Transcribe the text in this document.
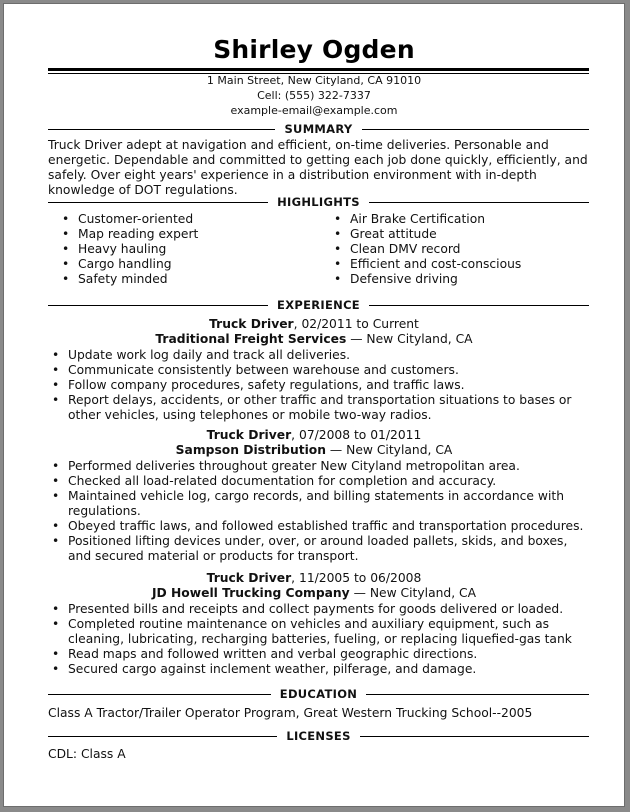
Shirley Ogden
1 Main Street, New Cityland, CA 91010
Cell: (555) 322-7337
example-email@example.com
SUMMARY
Truck Driver adept at navigation and efficient, on-time deliveries. Personable and energetic. Dependable and committed to getting each job done quickly, efficiently, and safely. Over eight years' experience in a distribution environment with in-depth knowledge of DOT regulations.
HIGHLIGHTS
• Customer-oriented
• Map reading expert
• Heavy hauling
• Cargo handling
• Safety minded
• Air Brake Certification
• Great attitude
• Clean DMV record
• Efficient and cost-conscious
• Defensive driving
EXPERIENCE
Truck Driver, 02/2011 to Current
Traditional Freight Services — New Cityland, CA
• Update work log daily and track all deliveries.
• Communicate consistently between warehouse and customers.
• Follow company procedures, safety regulations, and traffic laws.
• Report delays, accidents, or other traffic and transportation situations to bases or other vehicles, using telephones or mobile two-way radios.
Truck Driver, 07/2008 to 01/2011
Sampson Distribution — New Cityland, CA
• Performed deliveries throughout greater New Cityland metropolitan area.
• Checked all load-related documentation for completion and accuracy.
• Maintained vehicle log, cargo records, and billing statements in accordance with regulations.
• Obeyed traffic laws, and followed established traffic and transportation procedures.
• Positioned lifting devices under, over, or around loaded pallets, skids, and boxes, and secured material or products for transport.
Truck Driver, 11/2005 to 06/2008
JD Howell Trucking Company — New Cityland, CA
• Presented bills and receipts and collect payments for goods delivered or loaded.
• Completed routine maintenance on vehicles and auxiliary equipment, such as cleaning, lubricating, recharging batteries, fueling, or replacing liquefied-gas tank
• Read maps and followed written and verbal geographic directions.
• Secured cargo against inclement weather, pilferage, and damage.
EDUCATION
Class A Tractor/Trailer Operator Program, Great Western Trucking School--2005
LICENSES
CDL: Class A
